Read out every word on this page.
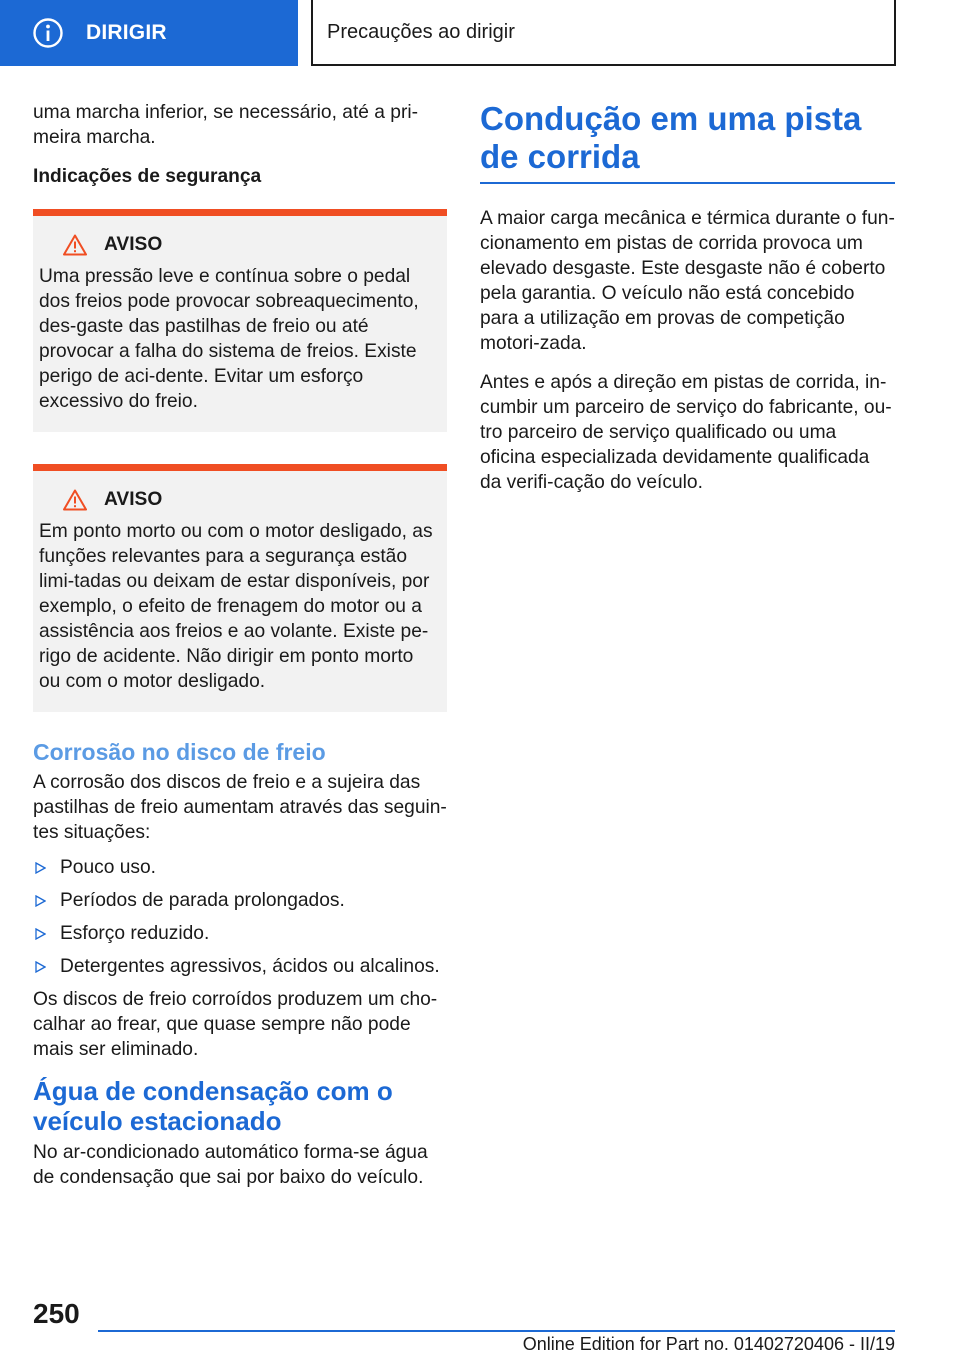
DIRIGIR	Precauções ao dirigir

uma marcha inferior, se necessário, até a pri-meira marcha.

Indicações de segurança

AVISO

Uma pressão leve e contínua sobre o pedal dos freios pode provocar sobreaquecimento, des-gaste das pastilhas de freio ou até provocar a falha do sistema de freios. Existe perigo de aci-dente. Evitar um esforço excessivo do freio.

AVISO

Em ponto morto ou com o motor desligado, as funções relevantes para a segurança estão limi-tadas ou deixam de estar disponíveis, por exemplo, o efeito de frenagem do motor ou a assistência aos freios e ao volante. Existe pe-rigo de acidente. Não dirigir em ponto morto ou com o motor desligado.

Corrosão no disco de freio

A corrosão dos discos de freio e a sujeira das pastilhas de freio aumentam através das seguin-tes situações:

Pouco uso.
Períodos de parada prolongados.
Esforço reduzido.
Detergentes agressivos, ácidos ou alcalinos.

Os discos de freio corroídos produzem um cho-calhar ao frear, que quase sempre não pode mais ser eliminado.

Água de condensação com o veículo estacionado

No ar-condicionado automático forma-se água de condensação que sai por baixo do veículo.

Condução em uma pista de corrida

A maior carga mecânica e térmica durante o fun-cionamento em pistas de corrida provoca um elevado desgaste. Este desgaste não é coberto pela garantia. O veículo não está concebido para a utilização em provas de competição motori-zada.

Antes e após a direção em pistas de corrida, in-cumbir um parceiro de serviço do fabricante, ou-tro parceiro de serviço qualificado ou uma oficina especializada devidamente qualificada da verifi-cação do veículo.

250
Online Edition for Part no. 01402720406 - II/19
